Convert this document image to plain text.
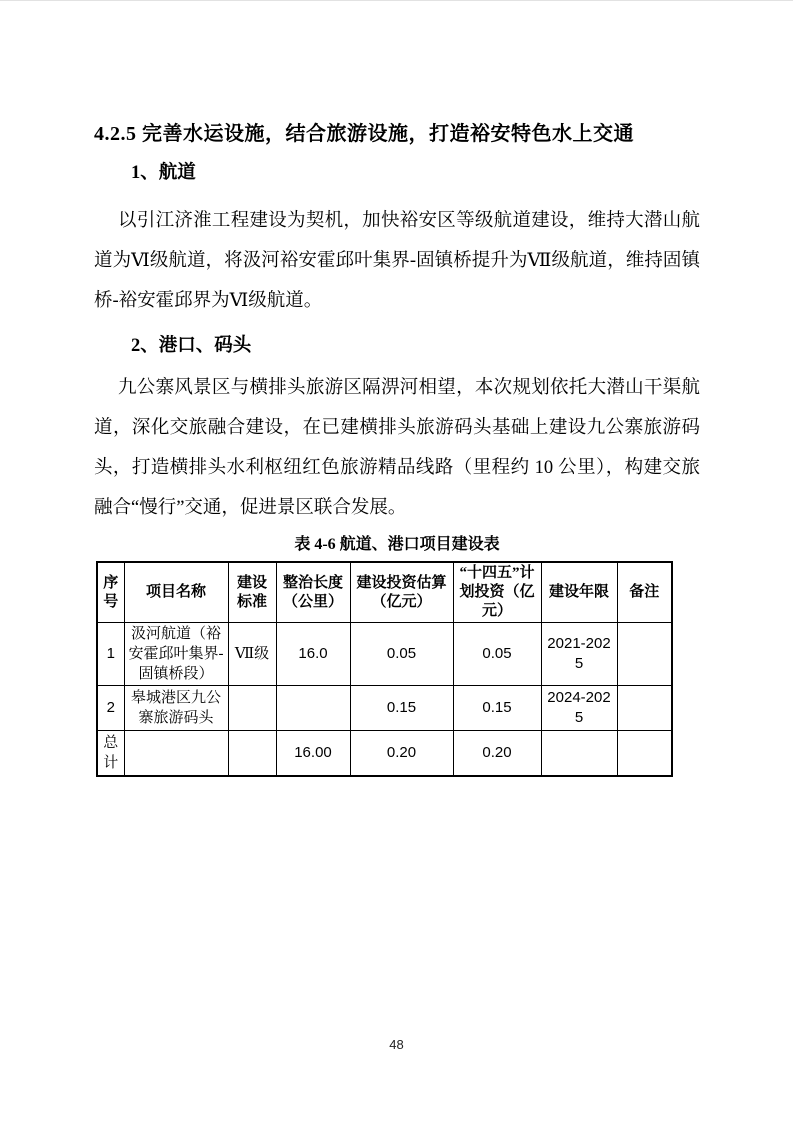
4.2.5 完善水运设施，结合旅游设施，打造裕安特色水上交通
1、航道

以引江济淮工程建设为契机，加快裕安区等级航道建设，维持大潜山航道为Ⅵ级航道，将汲河裕安霍邱叶集界-固镇桥提升为Ⅶ级航道，维持固镇桥-裕安霍邱界为Ⅵ级航道。

2、港口、码头

九公寨风景区与横排头旅游区隔淠河相望，本次规划依托大潜山干渠航道，深化交旅融合建设，在已建横排头旅游码头基础上建设九公寨旅游码头，打造横排头水利枢纽红色旅游精品线路（里程约 10 公里），构建交旅融合“慢行”交通，促进景区联合发展。

表 4-6 航道、港口项目建设表
序号	项目名称	建设标准	整治长度（公里）	建设投资估算（亿元）	“十四五”计划投资（亿元）	建设年限	备注
1	汲河航道（裕安霍邱叶集界-固镇桥段）	Ⅶ级	16.0	0.05	0.05	2021-2025	
2	皋城港区九公寨旅游码头			0.15	0.15	2024-2025	
总计			16.00	0.20	0.20		
48
